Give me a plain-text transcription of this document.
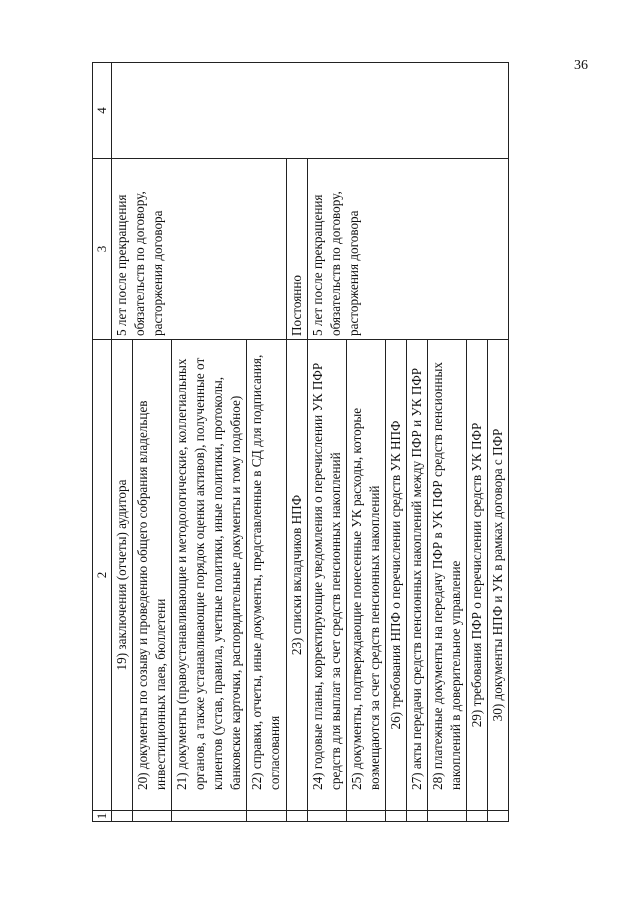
36
1	2	3	4
	19) заключения (отчеты) аудитора	5 лет после прекращения обязательств по договору, расторжения договора	
	20) документы по созыву и проведению общего собрания владельцев инвестиционных паев, бюллетени		
	21) документы (правоустанавливающие и методологические, коллегиальных органов, а также устанавливающие порядок оценки активов), полученные от клиентов (устав, правила, учетные политики, иные политики, протоколы, банковские карточки, распорядительные документы и тому подобное)		
	22) справки, отчеты, иные документы, представленные в СД для подписания, согласования		
	23) списки вкладчиков НПФ	Постоянно	
	24) годовые планы, корректирующие уведомления о перечислении УК ПФР средств для выплат за счет средств пенсионных накоплений	5 лет после прекращения обязательств по договору, расторжения договора	
	25) документы, подтверждающие понесенные УК расходы, которые возмещаются за счет средств пенсионных накоплений		
	26) требования НПФ о перечислении средств УК НПФ		
	27) акты передачи средств пенсионных накоплений между ПФР и УК ПФР		
	28) платежные документы на передачу ПФР в УК ПФР средств пенсионных накоплений в доверительное управление		
	29) требования ПФР о перечислении средств УК ПФР		
	30) документы НПФ и УК в рамках договора с ПФР		
